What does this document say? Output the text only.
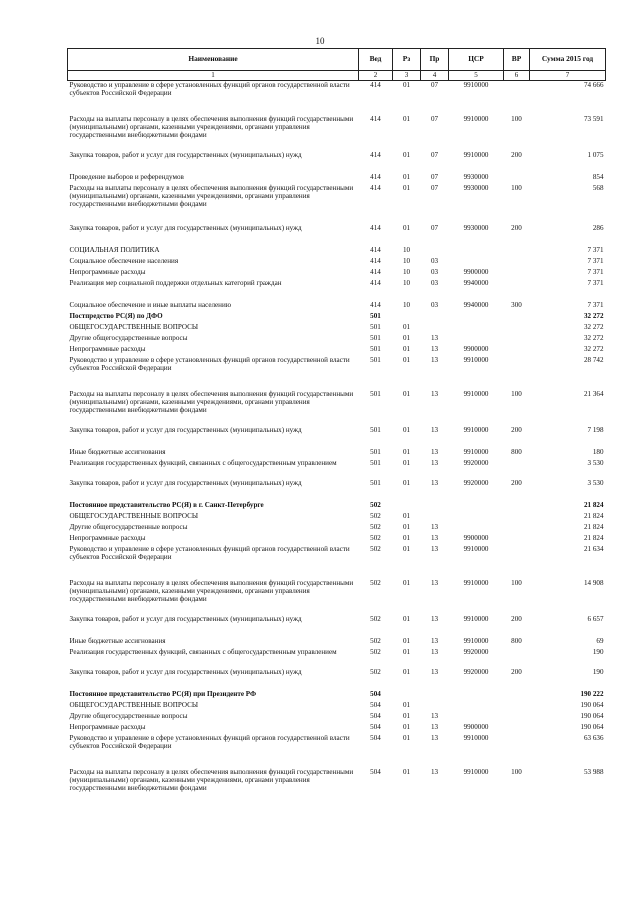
10
Наименование	Вед	Рз	Пр	ЦСР	ВР	Сумма 2015 год
1	2	3	4	5	6	7
Руководство и управление в сфере установленных функций органов государственной власти субъектов Российской Федерации	414	01	07	9910000		74 666
Расходы на выплаты персоналу в целях обеспечения выполнения функций государственными (муниципальными) органами, казенными учреждениями, органами управления государственными внебюджетными фондами	414	01	07	9910000	100	73 591
Закупка товаров, работ и услуг для государственных (муниципальных) нужд	414	01	07	9910000	200	1 075
Проведение выборов и референдумов	414	01	07	9930000		854
Расходы на выплаты персоналу в целях обеспечения выполнения функций государственными (муниципальными) органами, казенными учреждениями, органами управления государственными внебюджетными фондами	414	01	07	9930000	100	568
Закупка товаров, работ и услуг для государственных (муниципальных) нужд	414	01	07	9930000	200	286
СОЦИАЛЬНАЯ ПОЛИТИКА	414	10				7 371
Социальное обеспечение населения	414	10	03			7 371
Непрограммные расходы	414	10	03	9900000		7 371
Реализация мер социальной поддержки отдельных категорий граждан	414	10	03	9940000		7 371
Социальное обеспечение и иные выплаты населению	414	10	03	9940000	300	7 371
Постпредство РС(Я) по ДФО	501					32 272
ОБЩЕГОСУДАРСТВЕННЫЕ ВОПРОСЫ	501	01				32 272
Другие общегосударственные вопросы	501	01	13			32 272
Непрограммные расходы	501	01	13	9900000		32 272
Руководство и управление в сфере установленных функций органов государственной власти субъектов Российской Федерации	501	01	13	9910000		28 742
Расходы на выплаты персоналу в целях обеспечения выполнения функций государственными (муниципальными) органами, казенными учреждениями, органами управления государственными внебюджетными фондами	501	01	13	9910000	100	21 364
Закупка товаров, работ и услуг для государственных (муниципальных) нужд	501	01	13	9910000	200	7 198
Иные бюджетные ассигнования	501	01	13	9910000	800	180
Реализация государственных функций, связанных с общегосударственным управлением	501	01	13	9920000		3 530
Закупка товаров, работ и услуг для государственных (муниципальных) нужд	501	01	13	9920000	200	3 530
Постоянное представительство РС(Я) в г. Санкт-Петербурге	502					21 824
ОБЩЕГОСУДАРСТВЕННЫЕ ВОПРОСЫ	502	01				21 824
Другие общегосударственные вопросы	502	01	13			21 824
Непрограммные расходы	502	01	13	9900000		21 824
Руководство и управление в сфере установленных функций органов государственной власти субъектов Российской Федерации	502	01	13	9910000		21 634
Расходы на выплаты персоналу в целях обеспечения выполнения функций государственными (муниципальными) органами, казенными учреждениями, органами управления государственными внебюджетными фондами	502	01	13	9910000	100	14 908
Закупка товаров, работ и услуг для государственных (муниципальных) нужд	502	01	13	9910000	200	6 657
Иные бюджетные ассигнования	502	01	13	9910000	800	69
Реализация государственных функций, связанных с общегосударственным управлением	502	01	13	9920000		190
Закупка товаров, работ и услуг для государственных (муниципальных) нужд	502	01	13	9920000	200	190
Постоянное представительство РС(Я) при Президенте РФ	504					190 222
ОБЩЕГОСУДАРСТВЕННЫЕ ВОПРОСЫ	504	01				190 064
Другие общегосударственные вопросы	504	01	13			190 064
Непрограммные расходы	504	01	13	9900000		190 064
Руководство и управление в сфере установленных функций органов государственной власти субъектов Российской Федерации	504	01	13	9910000		63 636
Расходы на выплаты персоналу в целях обеспечения выполнения функций государственными (муниципальными) органами, казенными учреждениями, органами управления государственными внебюджетными фондами	504	01	13	9910000	100	53 988
